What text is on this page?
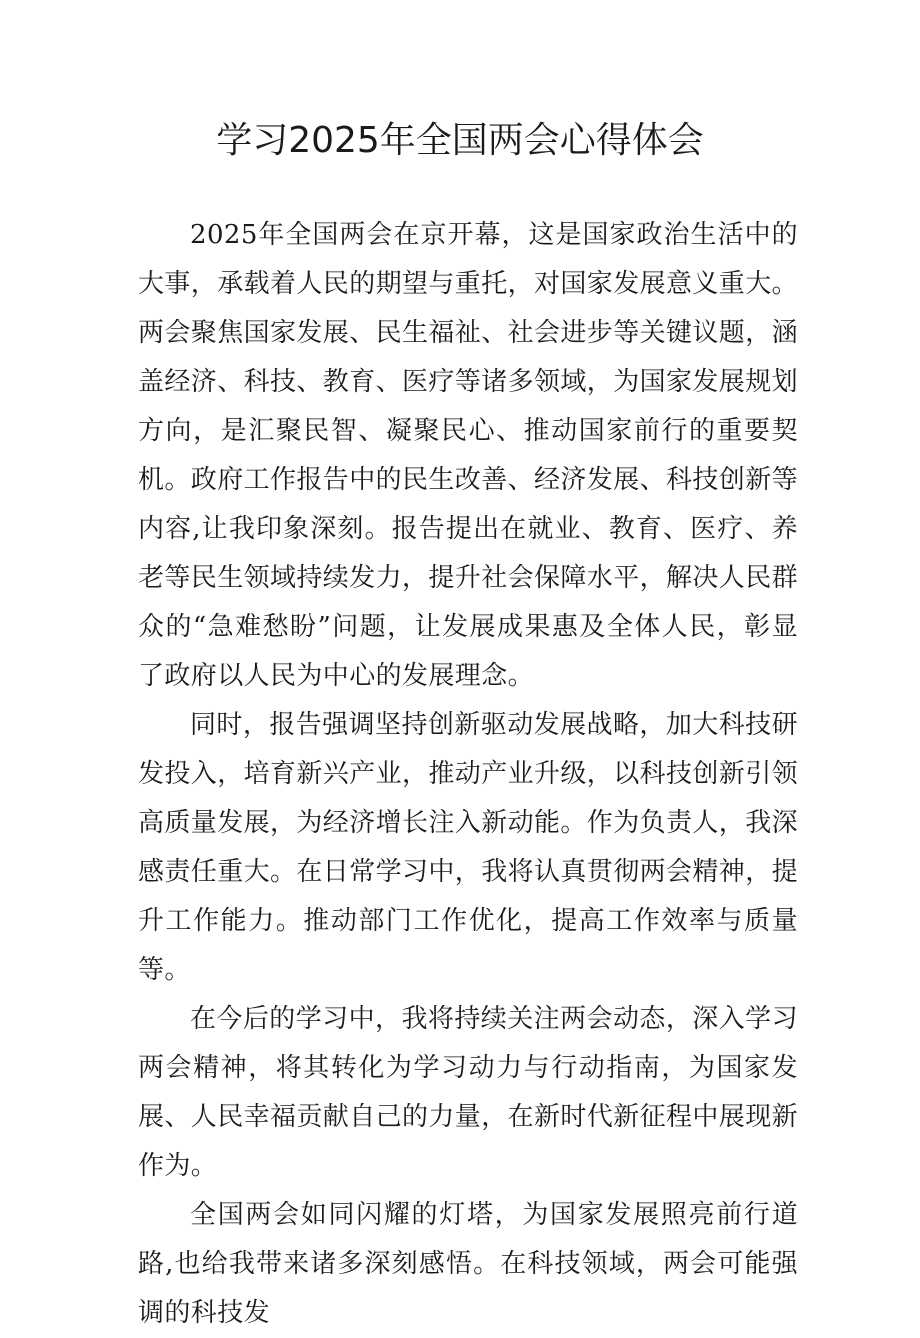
学习2025年全国两会心得体会

2025年全国两会在京开幕，这是国家政治生活中的大事，承载着人民的期望与重托，对国家发展意义重大。两会聚焦国家发展、民生福祉、社会进步等关键议题，涵盖经济、科技、教育、医疗等诸多领域，为国家发展规划方向，是汇聚民智、凝聚民心、推动国家前行的重要契机。政府工作报告中的民生改善、经济发展、科技创新等内容,让我印象深刻。报告提出在就业、教育、医疗、养老等民生领域持续发力，提升社会保障水平，解决人民群众的“急难愁盼”问题，让发展成果惠及全体人民，彰显了政府以人民为中心的发展理念。

同时，报告强调坚持创新驱动发展战略，加大科技研发投入，培育新兴产业，推动产业升级，以科技创新引领高质量发展，为经济增长注入新动能。作为负责人，我深感责任重大。在日常学习中，我将认真贯彻两会精神，提升工作能力。推动部门工作优化，提高工作效率与质量等。

在今后的学习中，我将持续关注两会动态，深入学习两会精神，将其转化为学习动力与行动指南，为国家发展、人民幸福贡献自己的力量，在新时代新征程中展现新作为。

全国两会如同闪耀的灯塔，为国家发展照亮前行道路,也给我带来诸多深刻感悟。在科技领域，两会可能强调的科技发
